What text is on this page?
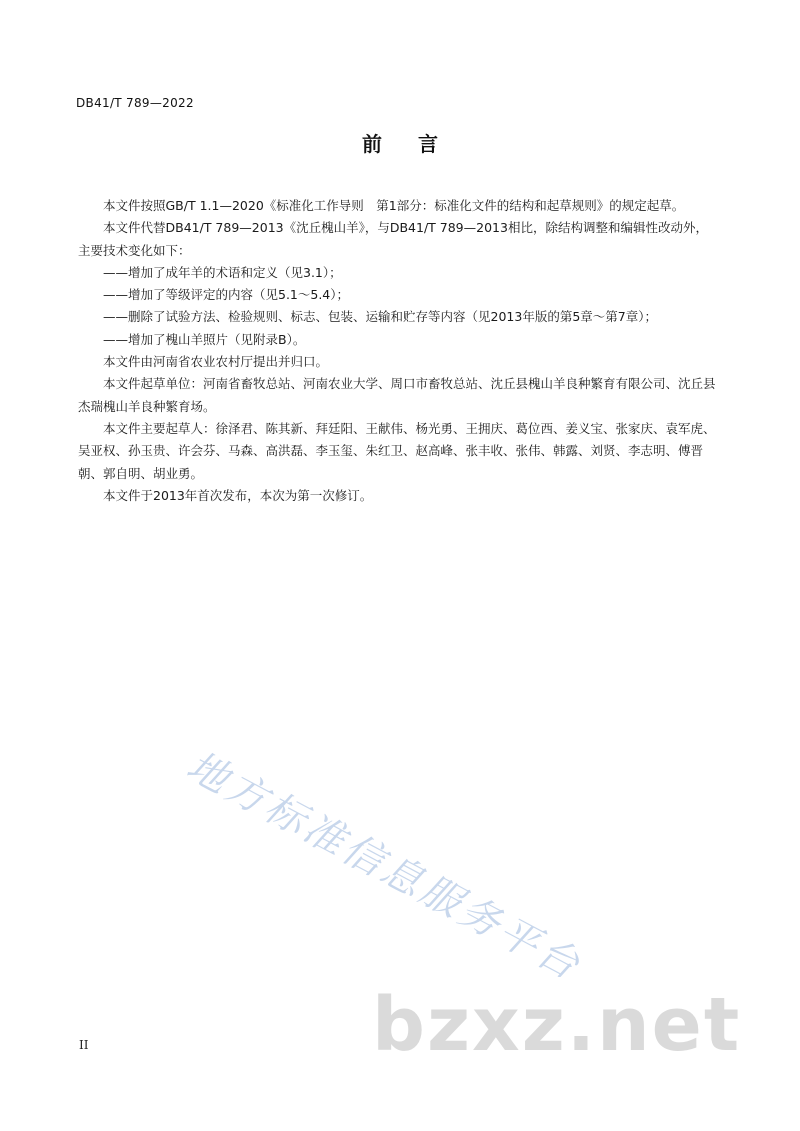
DB41/T 789—2022
前言

本文件按照GB/T 1.1—2020《标准化工作导则　第1部分：标准化文件的结构和起草规则》的规定起草。

本文件代替DB41/T 789—2013《沈丘槐山羊》，与DB41/T 789—2013相比，除结构调整和编辑性改动外，主要技术变化如下：

——增加了成年羊的术语和定义（见3.1）；

——增加了等级评定的内容（见5.1～5.4）；

——删除了试验方法、检验规则、标志、包装、运输和贮存等内容（见2013年版的第5章～第7章）；

——增加了槐山羊照片（见附录B）。

本文件由河南省农业农村厅提出并归口。

本文件起草单位：河南省畜牧总站、河南农业大学、周口市畜牧总站、沈丘县槐山羊良种繁育有限公司、沈丘县杰瑞槐山羊良种繁育场。

本文件主要起草人：徐泽君、陈其新、拜廷阳、王献伟、杨光勇、王拥庆、葛位西、姜义宝、张家庆、袁军虎、吴亚权、孙玉贵、许会芬、马森、高洪磊、李玉玺、朱红卫、赵高峰、张丰收、张伟、韩露、刘贤、李志明、傅晋朝、郭自明、胡业勇。

本文件于2013年首次发布，本次为第一次修订。

地方标准信息服务平台
bzxz.net
II
